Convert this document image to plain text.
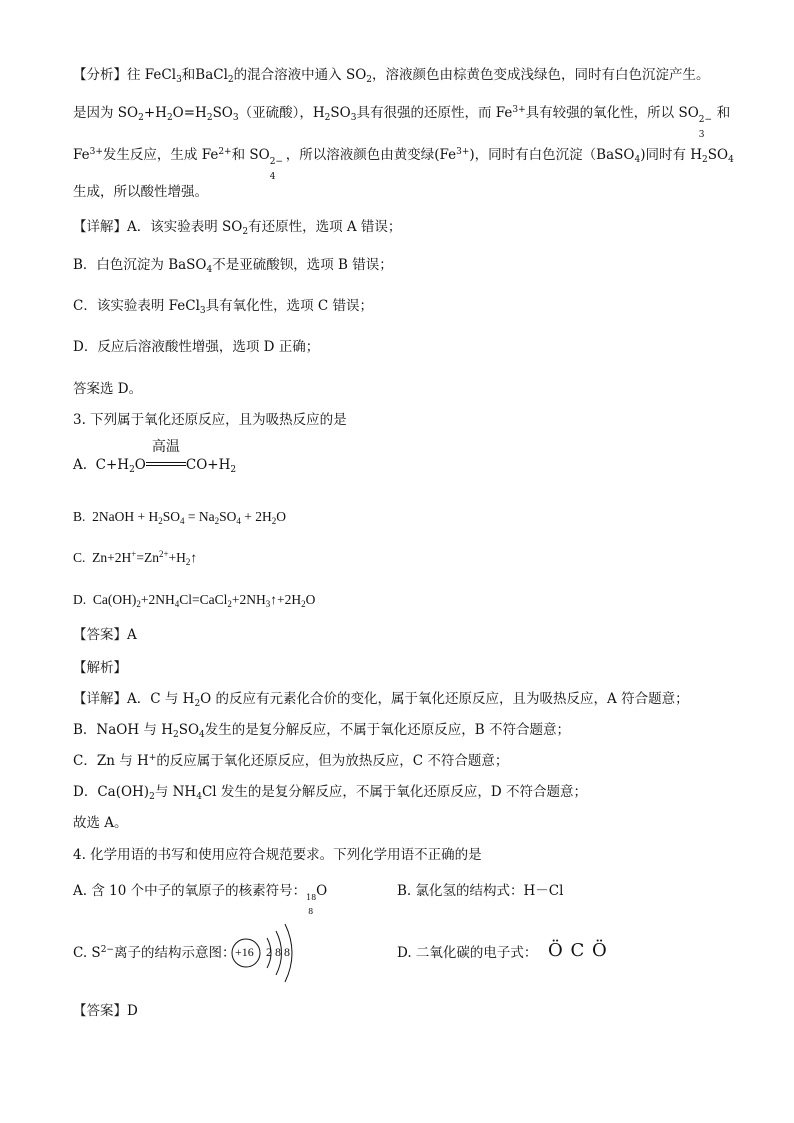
【分析】往 FeCl$_3$和BaCl$_2$的混合溶液中通入 $SO_2$，溶液颜色由棕黄色变成浅绿色，同时有白色沉淀产生。
是因为 $SO_2+H_2O=H_2SO_3$（亚硫酸），$H_2SO_3$具有很强的还原性，而 $Fe^{3+}$具有较强的氧化性，所以 SO 2−
3
和
$Fe^{3+}$发生反应，生成 $Fe^{2+}$和 SO 2−
4
，所以溶液颜色由黄变绿$(Fe^{3+})$，同时有白色沉淀（BaSO$_4$)同时有 $H_2SO_4$
生成，所以酸性增强。
【详解】A．该实验表明 $SO_2$有还原性，选项 A 错误；
B．白色沉淀为 BaSO$_4$不是亚硫酸钡，选项 B 错误；
C．该实验表明 FeCl$_3$具有氧化性，选项 C 错误；
D．反应后溶液酸性增强，选项 D 正确；
答案选 D。
3. 下列属于氧化还原反应，且为吸热反应的是
A. $C+H_2O$
高温
$CO+H_2$
B. 2NaOH + $H_2SO_4 = Na_2SO_4 + 2H_2O$
C. $Zn+2H^+=Zn^{2+}+H_2↑$
D. $Ca(OH)_2+2NH_4Cl=CaCl_2+2NH_3↑+2H_2O$
【答案】A
【解析】
【详解】A．C 与 $H_2O$ 的反应有元素化合价的变化，属于氧化还原反应，且为吸热反应，A 符合题意；
B．NaOH 与 $H_2SO_4$发生的是复分解反应，不属于氧化还原反应，B 不符合题意；
C．Zn 与 H+的反应属于氧化还原反应，但为放热反应，C 不符合题意；
D．$Ca(OH)_2$与 $NH_4Cl$ 发生的是复分解反应，不属于氧化还原反应，D 不符合题意；
故选 A。
4. 化学用语的书写和使用应符合规范要求。下列化学用语不正确的是
A. 含 10 个中子的氧原子的核素符号： 18
8
O	B. 氯化氢的结构式：H－Cl
C. $S^{2-}$离子的结构示意图： +16 2 8 8	D. 二氧化碳的电子式： Ö C Ö
【答案】D
